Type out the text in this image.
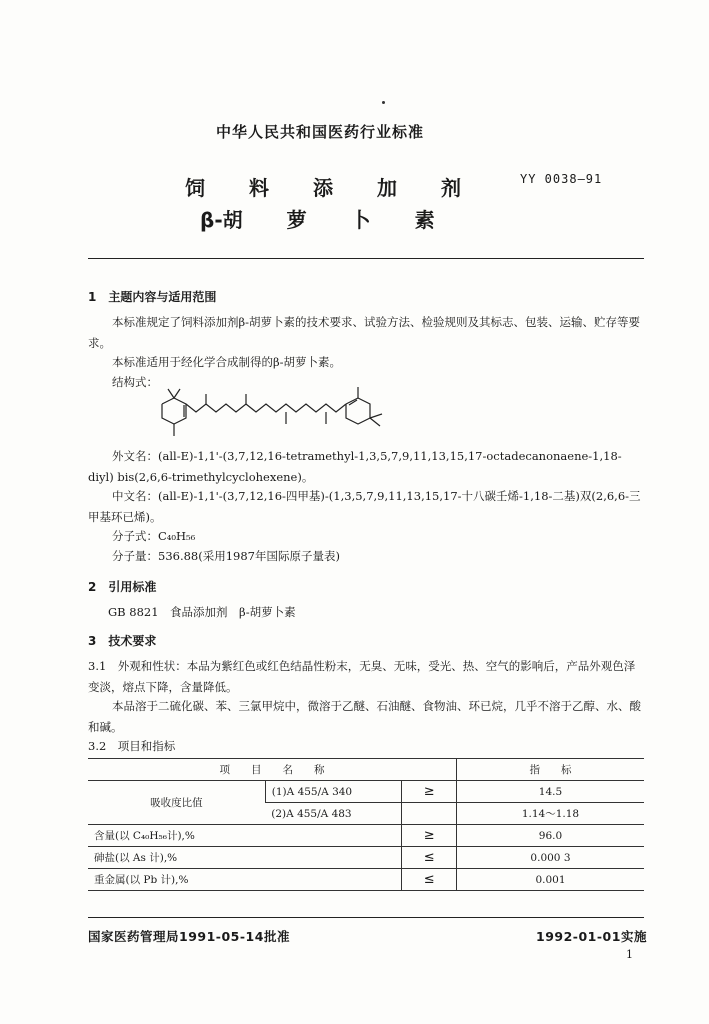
中华人民共和国医药行业标准
饲 料 添 加 剂
β-胡 萝 卜 素
YY 0038—91
1　主题内容与适用范围
本标准规定了饲料添加剂β-胡萝卜素的技术要求、试验方法、检验规则及其标志、包装、运输、贮存等要求。
本标准适用于经化学合成制得的β-胡萝卜素。
结构式：
外文名：(all-E)-1,1'-(3,7,12,16-tetramethyl-1,3,5,7,9,11,13,15,17-octadecanonaene-1,18-diyl) bis(2,6,6-trimethylcyclohexene)。
中文名：(all-E)-1,1'-(3,7,12,16-四甲基)-(1,3,5,7,9,11,13,15,17-十八碳壬烯-1,18-二基)双(2,6,6-三甲基环已烯)。
分子式：C₄₀H₅₆
分子量：536.88(采用1987年国际原子量表)
2　引用标准
GB 8821　食品添加剂　β-胡萝卜素
3　技术要求
3.1　外观和性状：本品为紫红色或红色结晶性粉末，无臭、无味，受光、热、空气的影响后，产品外观色泽变淡，熔点下降，含量降低。
本品溶于二硫化碳、苯、三氯甲烷中，微溶于乙醚、石油醚、食物油、环已烷，几乎不溶于乙醇、水、酸和碱。
3.2　项目和指标
项　　目　　名　　称			指　　标
吸收度比值	(1)A 455/A 340	≥	14.5
	(2)A 455/A 483		1.14～1.18
含量(以 C₄₀H₅₆计),%		≥	96.0
砷盐(以 As 计),%		≤	0.000 3
重金属(以 Pb 计),%		≤	0.001
国家医药管理局1991-05-14批准	1992-01-01实施
1
